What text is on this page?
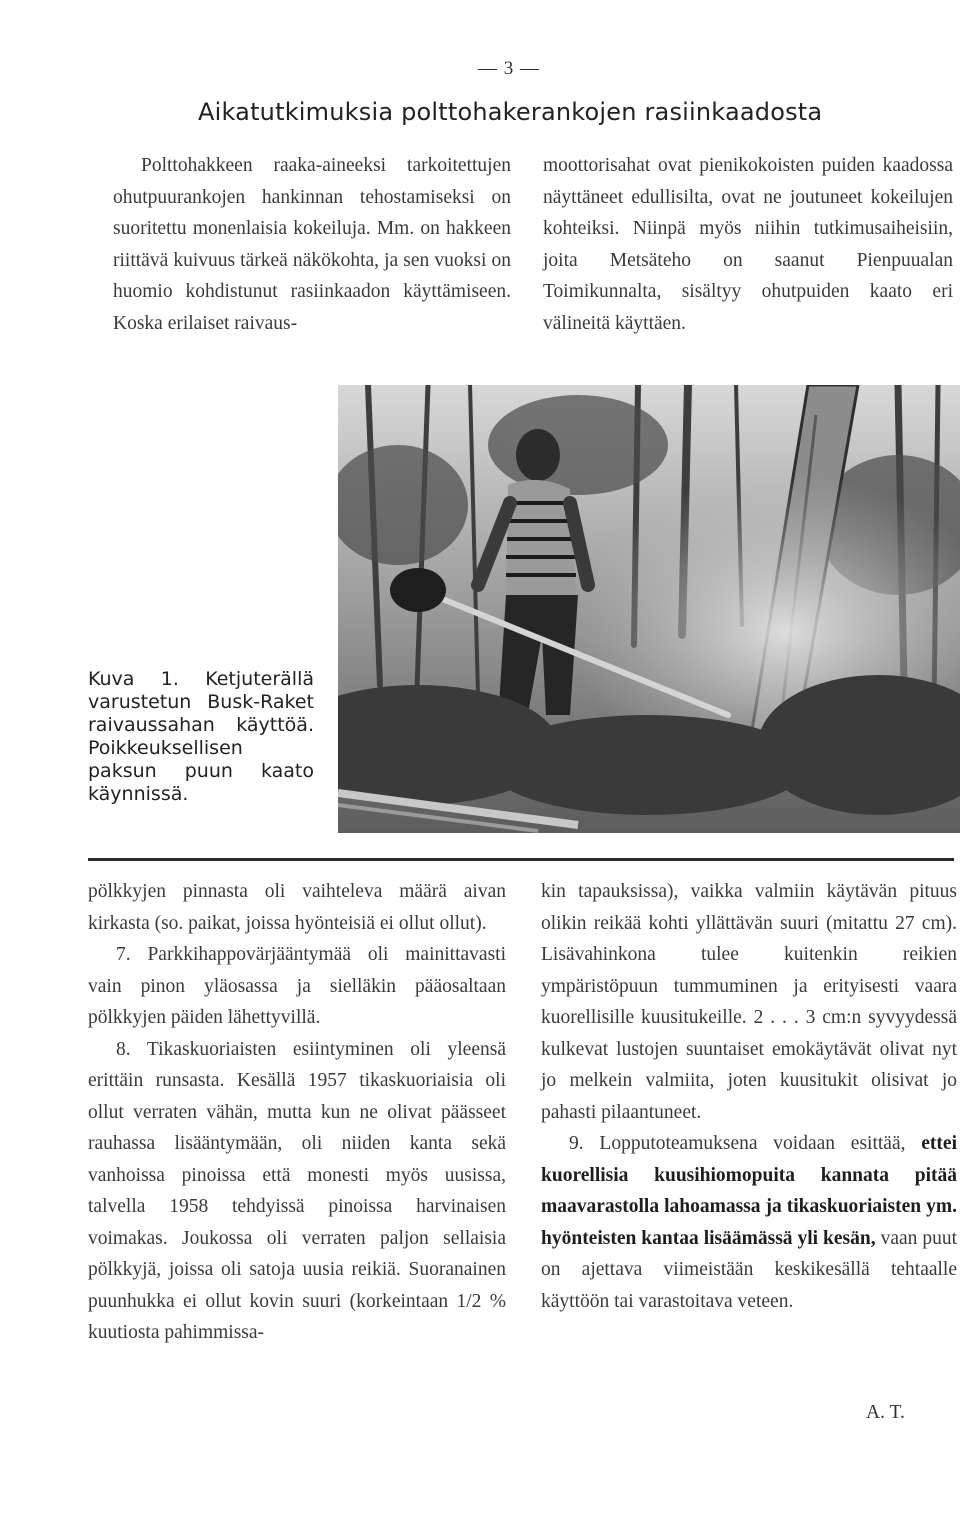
— 3 —
Aikatutkimuksia polttohakerankojen rasiinkaadosta

Polttohakkeen raaka-aineeksi tarkoitettujen ohutpuurankojen hankinnan tehostamiseksi on suoritettu monenlaisia kokeiluja. Mm. on hakkeen riittävä kuivuus tärkeä näkökohta, ja sen vuoksi on huomio kohdistunut rasiinkaadon käyttämiseen. Koska erilaiset raivaus-

moottorisahat ovat pienikokoisten puiden kaadossa näyttäneet edullisilta, ovat ne joutuneet kokeilujen kohteiksi. Niinpä myös niihin tutkimusaiheisiin, joita Metsäteho on saanut Pienpuualan Toimikunnalta, sisältyy ohutpuiden kaato eri välineitä käyttäen.

Kuva 1. Ketjuterällä varustetun Busk-Raket raivaussahan käyttöä. Poikkeuksellisen paksun puun kaato käynnissä.

pölkkyjen pinnasta oli vaihteleva määrä aivan kirkasta (so. paikat, joissa hyönteisiä ei ollut ollut).

7. Parkkihappovärjääntymää oli mainittavasti vain pinon yläosassa ja sielläkin pääosaltaan pölkkyjen päiden lähettyvillä.

8. Tikaskuoriaisten esiintyminen oli yleensä erittäin runsasta. Kesällä 1957 tikaskuoriaisia oli ollut verraten vähän, mutta kun ne olivat päässeet rauhassa lisääntymään, oli niiden kanta sekä vanhoissa pinoissa että monesti myös uusissa, talvella 1958 tehdyissä pinoissa harvinaisen voimakas. Joukossa oli verraten paljon sellaisia pölkkyjä, joissa oli satoja uusia reikiä. Suoranainen puunhukka ei ollut kovin suuri (korkeintaan 1/2 % kuutiosta pahimmissa-

kin tapauksissa), vaikka valmiin käytävän pituus olikin reikää kohti yllättävän suuri (mitattu 27 cm). Lisävahinkona tulee kuitenkin reikien ympäristöpuun tummuminen ja erityisesti vaara kuorellisille kuusitukeille. 2 . . . 3 cm:n syvyydessä kulkevat lustojen suuntaiset emokäytävät olivat nyt jo melkein valmiita, joten kuusitukit olisivat jo pahasti pilaantuneet.

9. Lopputoteamuksena voidaan esittää, ettei kuorellisia kuusihiomopuita kannata pitää maavarastolla lahoamassa ja tikaskuoriaisten ym. hyönteisten kantaa lisäämässä yli kesän, vaan puut on ajettava viimeistään keskikesällä tehtaalle käyttöön tai varastoitava veteen.

A. T.
